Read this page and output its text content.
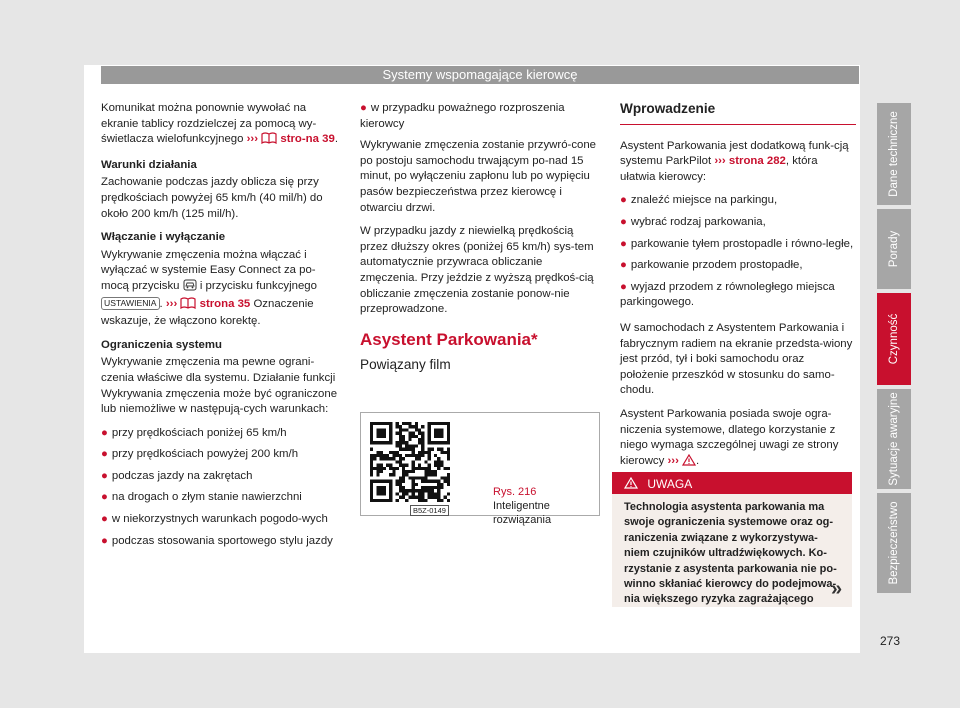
Systemy wspomagające kierowcę

Komunikat można ponownie wywołać na ekranie tablicy rozdzielczej za pomocą wy-świetlacza wielofunkcyjnego ››› stro-na 39.

Warunki działania

Zachowanie podczas jazdy oblicza się przy prędkościach powyżej 65 km/h (40 mil/h) do około 200 km/h (125 mil/h).

Włączanie i wyłączanie

Wykrywanie zmęczenia można włączać i wyłączać w systemie Easy Connect za po-mocą przycisku i przycisku funkcyjnego USTAWIENIA . ››› strona 35 Oznaczenie wskazuje, że włączono korektę.

Ograniczenia systemu

Wykrywanie zmęczenia ma pewne ograni-czenia właściwe dla systemu. Działanie funkcji Wykrywania zmęczenia może być ograniczone lub niemożliwe w następują-cych warunkach:

● przy prędkościach poniżej 65 km/h
● przy prędkościach powyżej 200 km/h
● podczas jazdy na zakrętach
● na drogach o złym stanie nawierzchni
● w niekorzystnych warunkach pogodo-wych
● podczas stosowania sportowego stylu jazdy
● w przypadku poważnego rozproszenia kierowcy

Wykrywanie zmęczenia zostanie przywró-cone po postoju samochodu trwającym po-nad 15 minut, po wyłączeniu zapłonu lub po wypięciu pasów bezpieczeństwa przez kierowcę i otwarciu drzwi.

W przypadku jazdy z niewielką prędkością przez dłuższy okres (poniżej 65 km/h) sys-tem automatycznie przywraca obliczanie zmęczenia. Przy jeździe z wyższą prędkoś-cią obliczanie zmęczenia zostanie ponow-nie przeprowadzone.

Asystent Parkowania*
Powiązany film
Rys. 216  Inteligentne rozwiązania
B5Z-0149
Wprowadzenie

Asystent Parkowania jest dodatkową funk-cją systemu ParkPilot ››› strona 282, która ułatwia kierowcy:

● znaleźć miejsce na parkingu,
● wybrać rodzaj parkowania,
● parkowanie tyłem prostopadle i równo-ległe,
● parkowanie przodem prostopadłe,
● wyjazd przodem z równoległego miejsca parkingowego.

W samochodach z Asystentem Parkowania i fabrycznym radiem na ekranie przedsta-wiony jest przód, tył i boki samochodu oraz położenie przeszkód w stosunku do samo-chodu.

Asystent Parkowania posiada swoje ogra-niczenia systemowe, dlatego korzystanie z niego wymaga szczególnej uwagi ze strony kierowcy ››› .

UWAGA
Technologia asystenta parkowania ma swoje ograniczenia systemowe oraz og-raniczenia związane z wykorzystywa-niem czujników ultradźwiękowych. Ko-rzystanie z asystenta parkowania nie po-winno skłaniać kierowcy do podejmowa-nia większego ryzyka zagrażającego »
Dane techniczne
Porady
Czynność
Sytuacje awaryjne
Bezpieczeństwo
273
